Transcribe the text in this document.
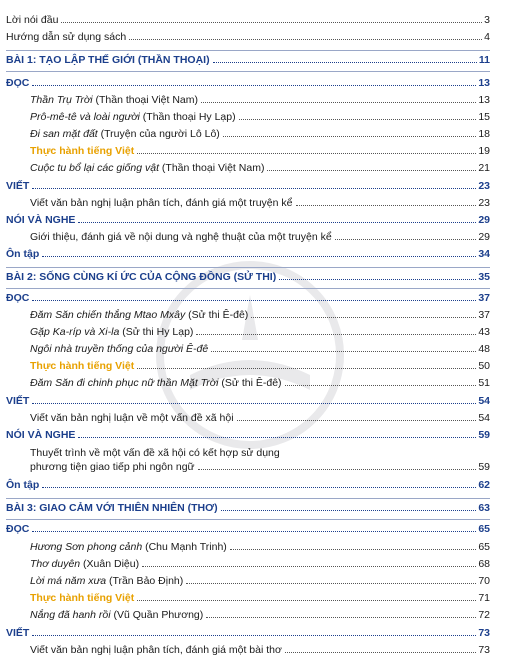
Lời nói đầu	3
Hướng dẫn sử dụng sách	4
BÀI 1: TẠO LẬP THẾ GIỚI (THẦN THOẠI)	11
ĐỌC	13
Thần Trụ Trời (Thần thoại Việt Nam)	13
Prô-mê-tê và loài người (Thần thoại Hy Lạp)	15
Đi san mặt đất (Truyện của người Lô Lô)	18
Thực hành tiếng Việt	19
Cuộc tu bổ lại các giống vật (Thần thoại Việt Nam)	21
VIẾT	23
Viết văn bản nghị luận phân tích, đánh giá một truyện kể	23
NÓI VÀ NGHE	29
Giới thiệu, đánh giá về nội dung và nghệ thuật của một truyện kể	29
Ôn tập	34
BÀI 2: SỐNG CÙNG KÍ ỨC CỦA CỘNG ĐỒNG (SỬ THI)	35
ĐỌC	37
Đăm Săn chiến thắng Mtao Mxây (Sử thi Ê-đê)	37
Gặp Ka-ríp và Xi-la (Sử thi Hy Lạp)	43
Ngôi nhà truyền thống của người Ê-đê	48
Thực hành tiếng Việt	50
Đăm Săn đi chinh phục nữ thần Mặt Trời (Sử thi Ê-đê)	51
VIẾT	54
Viết văn bản nghị luận về một vấn đề xã hội	54
NÓI VÀ NGHE	59
Thuyết trình về một vấn đề xã hội có kết hợp sử dụng
phương tiện giao tiếp phi ngôn ngữ	59
Ôn tập	62
BÀI 3: GIAO CẢM VỚI THIÊN NHIÊN (THƠ)	63
ĐỌC	65
Hương Sơn phong cảnh (Chu Mạnh Trinh)	65
Thơ duyên (Xuân Diệu)	68
Lời má năm xưa (Trần Bảo Định)	70
Thực hành tiếng Việt	71
Nắng đã hanh rồi (Vũ Quần Phương)	72
VIẾT	73
Viết văn bản nghị luận phân tích, đánh giá một bài thơ	73
